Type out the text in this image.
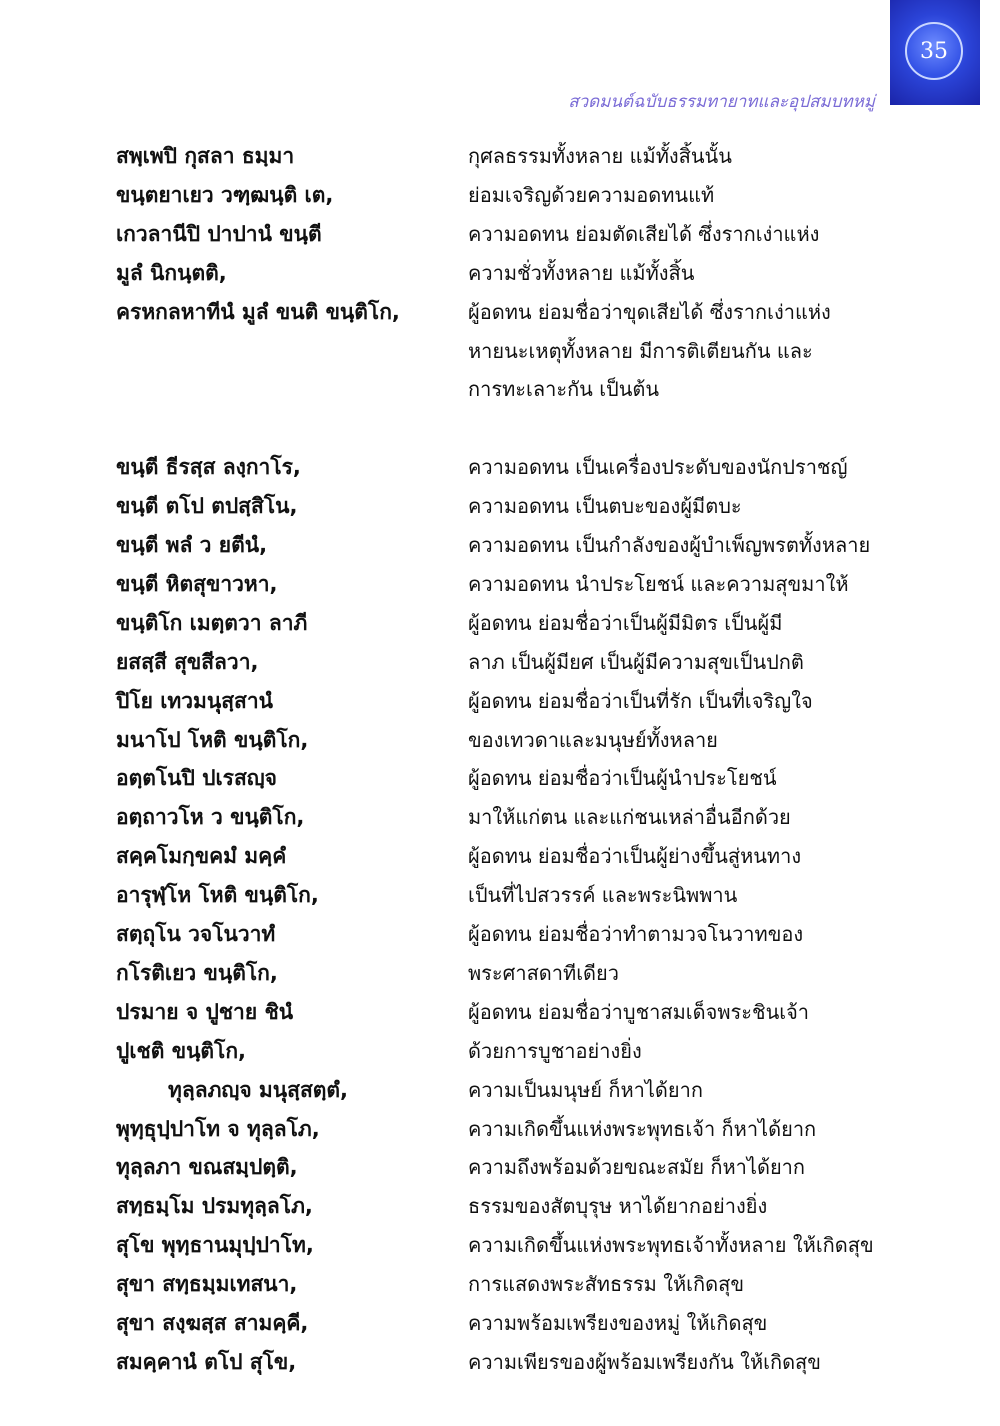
35
สวดมนต์ฉบับธรรมทายาทและอุปสมบทหมู่
สพฺเพปิ กุสลา ธมฺมา	กุศลธรรมทั้งหลาย แม้ทั้งสิ้นนั้น
ขนฺตยาเยว วฑฺฒนฺติ เต,	ย่อมเจริญด้วยความอดทนแท้
เกวลานีปิ ปาปานํ ขนฺตี	ความอดทน ย่อมตัดเสียได้ ซึ่งรากเง่าแห่ง
มูลํ นิกนฺตติ,	ความชั่วทั้งหลาย แม้ทั้งสิ้น
ครหกลหาทีนํ มูลํ ขนติ ขนฺติโก,	ผู้อดทน ย่อมชื่อว่าขุดเสียได้ ซึ่งรากเง่าแห่ง
หายนะเหตุทั้งหลาย มีการติเตียนกัน และ
การทะเลาะกัน เป็นต้น
ขนฺตี ธีรสฺส ลงฺกาโร,	ความอดทน เป็นเครื่องประดับของนักปราชญ์
ขนฺตี ตโป ตปสฺสิโน,	ความอดทน เป็นตบะของผู้มีตบะ
ขนฺตี พลํ ว ยตีนํ,	ความอดทน เป็นกำลังของผู้บำเพ็ญพรตทั้งหลาย
ขนฺตี หิตสุขาวหา,	ความอดทน นำประโยชน์ และความสุขมาให้
ขนฺติโก เมตฺตวา ลาภี	ผู้อดทน ย่อมชื่อว่าเป็นผู้มีมิตร เป็นผู้มี
ยสสฺสี สุขสีลวา,	ลาภ เป็นผู้มียศ เป็นผู้มีความสุขเป็นปกติ
ปิโย เทวมนุสฺสานํ	ผู้อดทน ย่อมชื่อว่าเป็นที่รัก เป็นที่เจริญใจ
มนาโป โหติ ขนฺติโก,	ของเทวดาและมนุษย์ทั้งหลาย
อตฺตโนปิ ปเรสญฺจ	ผู้อดทน ย่อมชื่อว่าเป็นผู้นำประโยชน์
อตฺถาวโห ว ขนฺติโก,	มาให้แก่ตน และแก่ชนเหล่าอื่นอีกด้วย
สคฺคโมกฺขคมํ มคฺคํ	ผู้อดทน ย่อมชื่อว่าเป็นผู้ย่างขึ้นสู่หนทาง
อารุฬฺโห โหติ ขนฺติโก,	เป็นที่ไปสวรรค์ และพระนิพพาน
สตฺถุโน วจโนวาทํ	ผู้อดทน ย่อมชื่อว่าทำตามวจโนวาทของ
กโรติเยว ขนฺติโก,	พระศาสดาทีเดียว
ปรมาย จ ปูชาย ชินํ	ผู้อดทน ย่อมชื่อว่าบูชาสมเด็จพระชินเจ้า
ปูเชติ ขนฺติโก,	ด้วยการบูชาอย่างยิ่ง
ทุลฺลภญฺจ มนุสฺสตฺตํ,	ความเป็นมนุษย์ ก็หาได้ยาก
พุทฺธุปฺปาโท จ ทุลฺลโภ,	ความเกิดขึ้นแห่งพระพุทธเจ้า ก็หาได้ยาก
ทุลฺลภา ขณสมฺปตฺติ,	ความถึงพร้อมด้วยขณะสมัย ก็หาได้ยาก
สทฺธมฺโม ปรมทุลฺลโภ,	ธรรมของสัตบุรุษ หาได้ยากอย่างยิ่ง
สุโข พุทฺธานมุปฺปาโท,	ความเกิดขึ้นแห่งพระพุทธเจ้าทั้งหลาย ให้เกิดสุข
สุขา สทฺธมฺมเทสนา,	การแสดงพระสัทธรรม ให้เกิดสุข
สุขา สงฺฆสฺส สามคฺคี,	ความพร้อมเพรียงของหมู่ ให้เกิดสุข
สมคฺคานํ ตโป สุโข,	ความเพียรของผู้พร้อมเพรียงกัน ให้เกิดสุข
